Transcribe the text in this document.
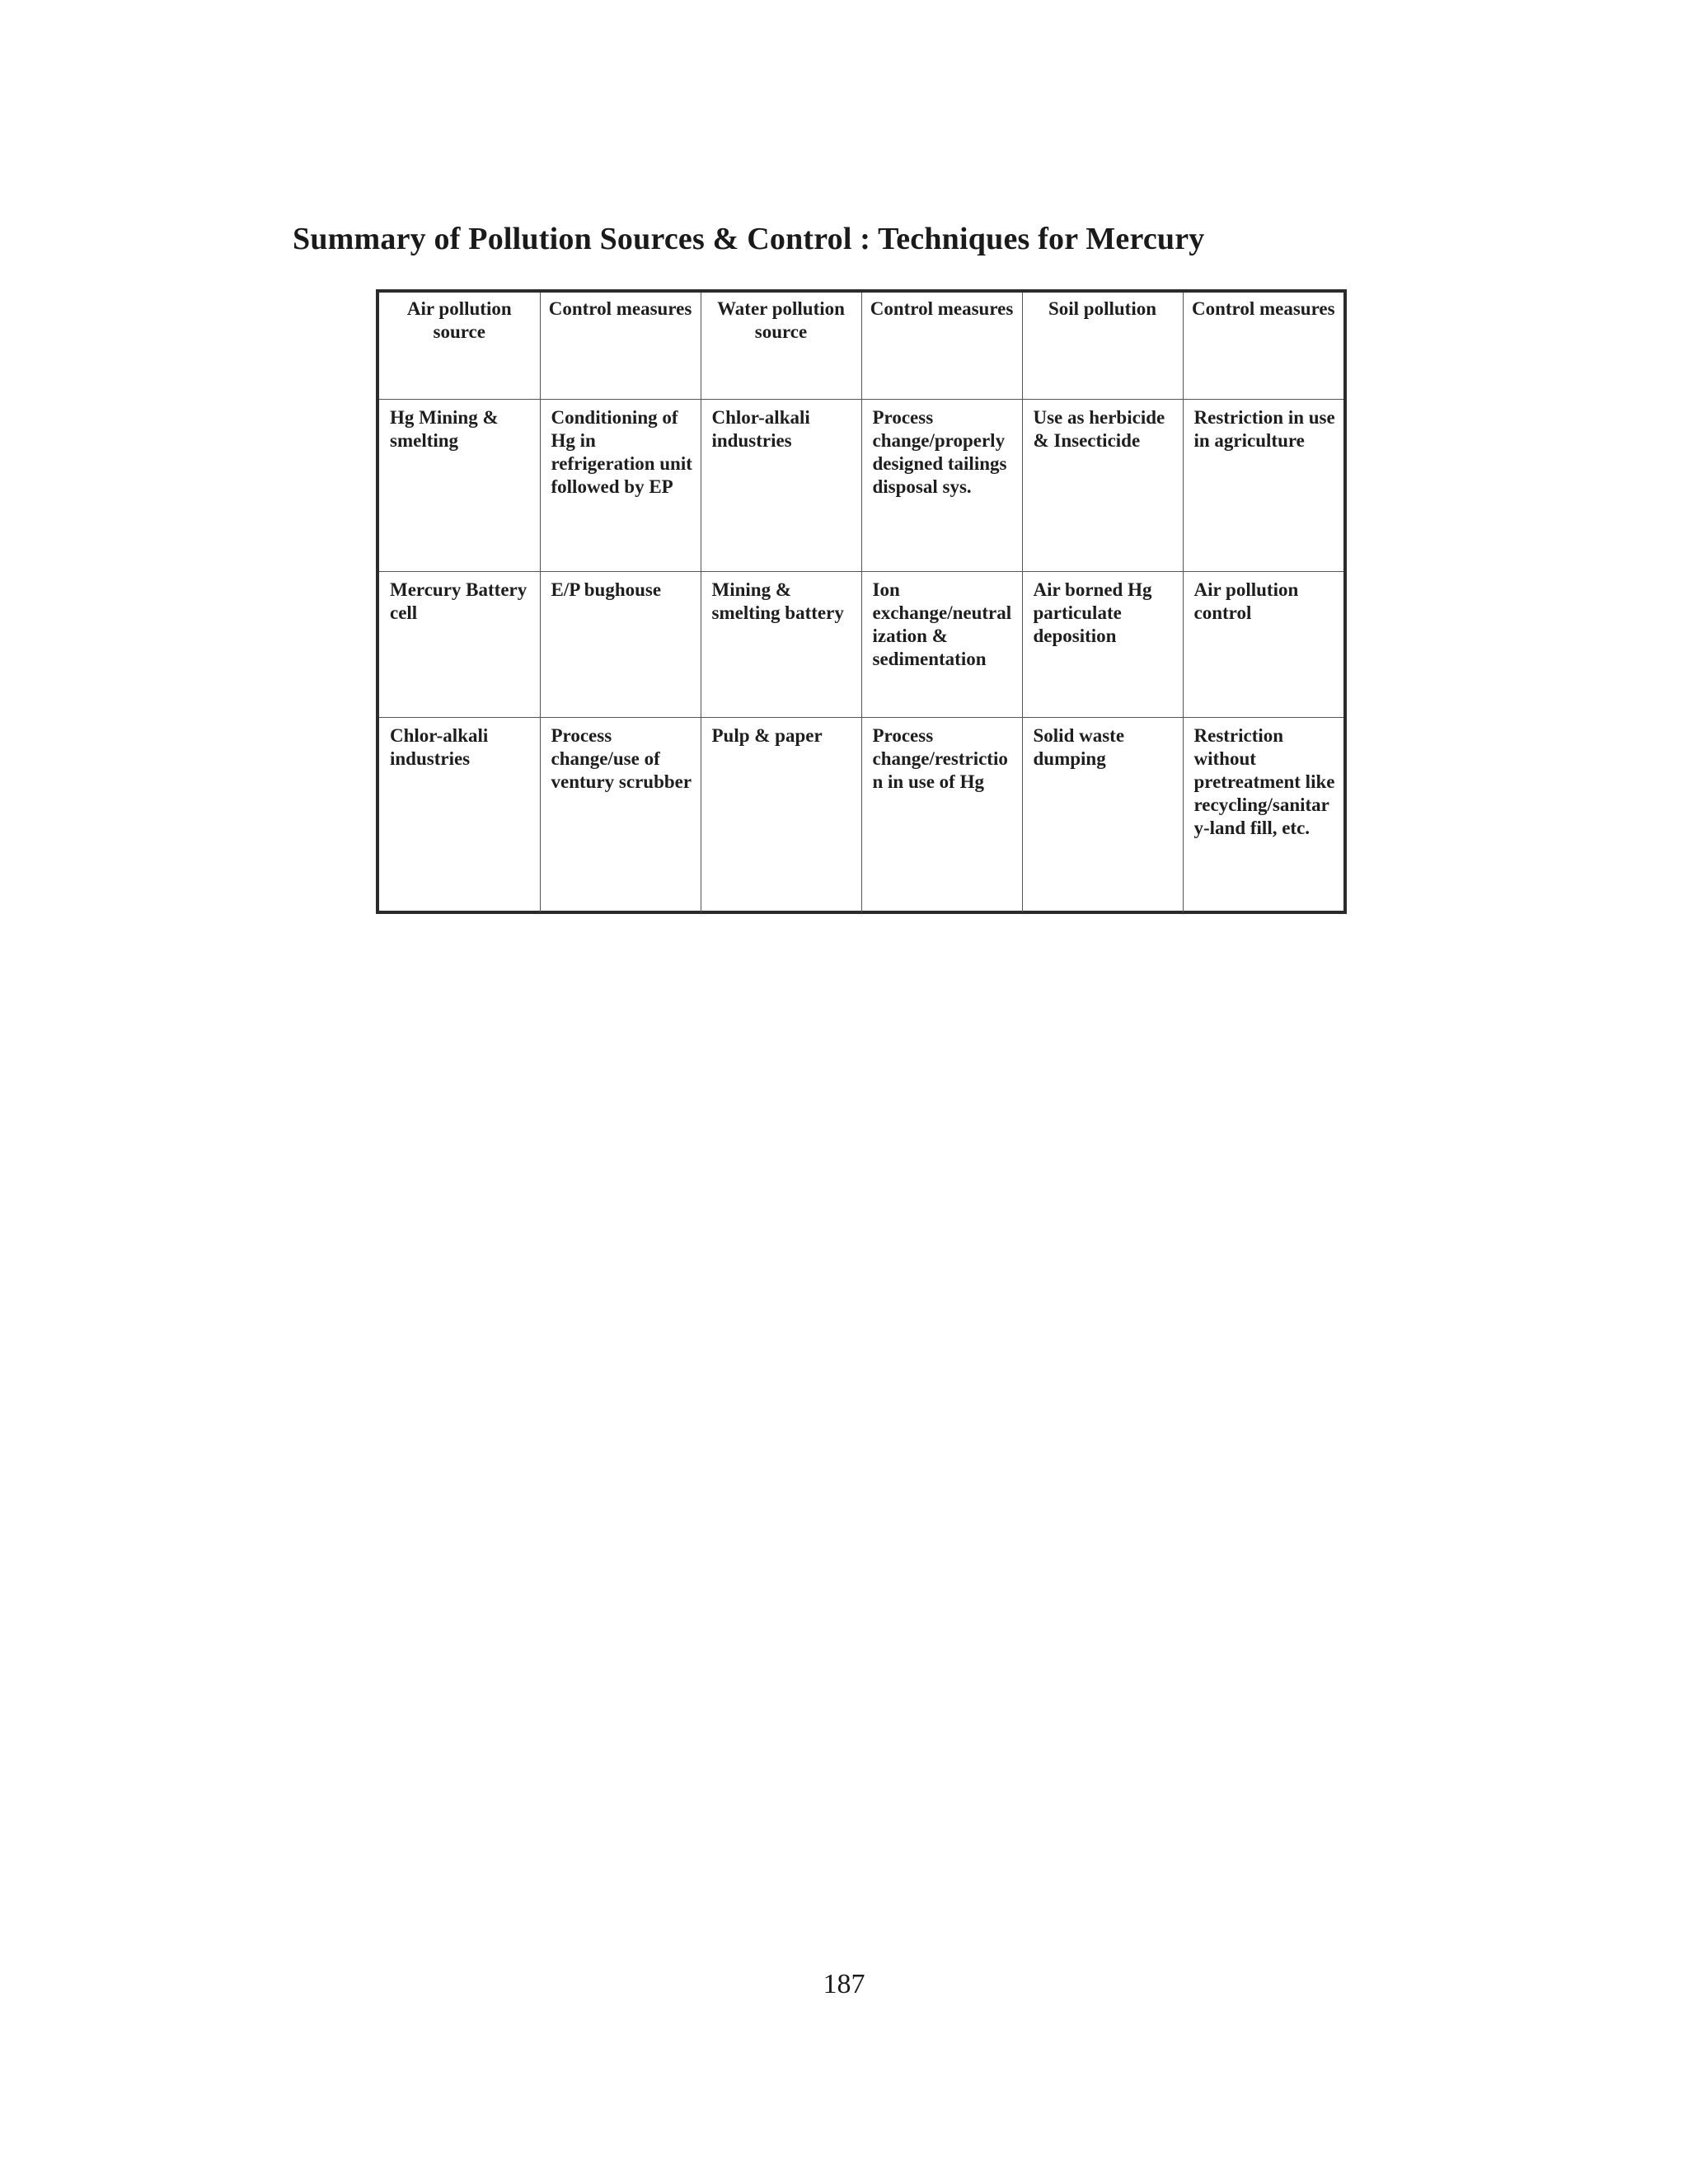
Summary of Pollution Sources & Control : Techniques for Mercury
Air pollution source	Control measures	Water pollution source	Control measures	Soil pollution	Control measures
Hg Mining & smelting	Conditioning of Hg in refrigeration unit followed by EP	Chlor-alkali industries	Process change/properly designed tailings disposal sys.	Use as herbicide & Insecticide	Restriction in use in agriculture
Mercury Battery cell	E/P bughouse	Mining & smelting battery	Ion exchange/neutralization & sedimentation	Air borned Hg particulate deposition	Air pollution control
Chlor-alkali industries	Process change/use of ventury scrubber	Pulp & paper	Process change/restriction in use of Hg	Solid waste dumping	Restriction without pretreatment like recycling/sanitary-land fill, etc.
187
